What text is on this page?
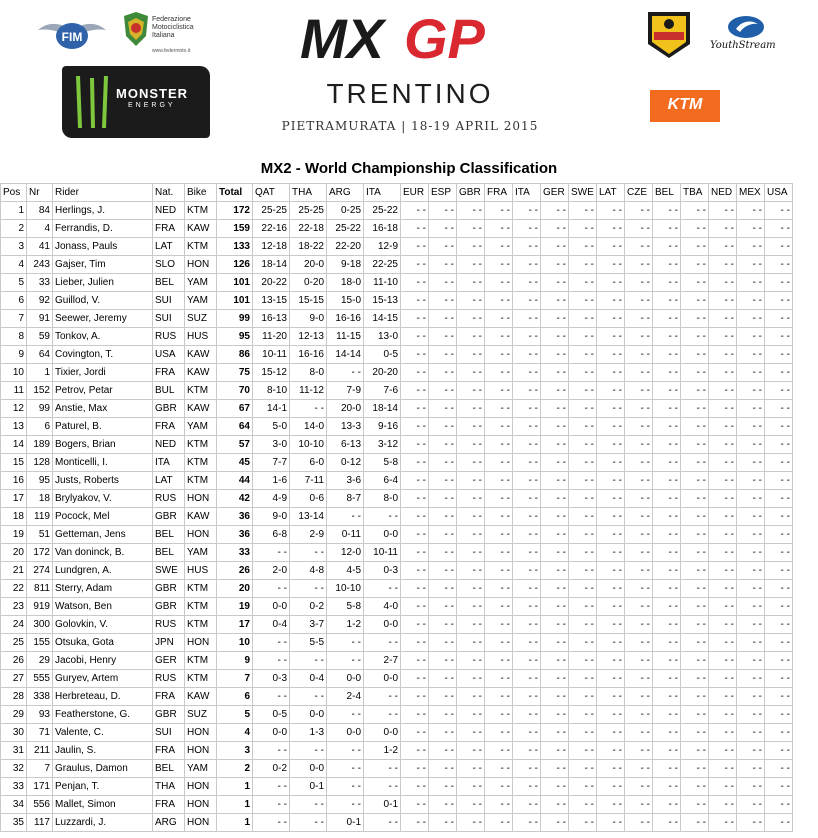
FIM
Federazione
Motociclistica
Italiana
www.federmoto.it
MONSTER
ENERGY
MX GP
TRENTINO
PIETRAMURATA | 18-19 APRIL 2015
YouthStream
KTM
MX2 - World Championship Classification
Pos	Nr	Rider	Nat.	Bike	Total	QAT	THA	ARG	ITA	EUR	ESP	GBR	FRA	ITA	GER	SWE	LAT	CZE	BEL	TBA	NED	MEX	USA
1	84	Herlings, J.	NED	KTM	172	25-25	25-25	0-25	25-22	- -	- -	- -	- -	- -	- -	- -	- -	- -	- -	- -	- -	- -	- -
2	4	Ferrandis, D.	FRA	KAW	159	22-16	22-18	25-22	16-18	- -	- -	- -	- -	- -	- -	- -	- -	- -	- -	- -	- -	- -	- -
3	41	Jonass, Pauls	LAT	KTM	133	12-18	18-22	22-20	12-9	- -	- -	- -	- -	- -	- -	- -	- -	- -	- -	- -	- -	- -	- -
4	243	Gajser, Tim	SLO	HON	126	18-14	20-0	9-18	22-25	- -	- -	- -	- -	- -	- -	- -	- -	- -	- -	- -	- -	- -	- -
5	33	Lieber, Julien	BEL	YAM	101	20-22	0-20	18-0	11-10	- -	- -	- -	- -	- -	- -	- -	- -	- -	- -	- -	- -	- -	- -
6	92	Guillod, V.	SUI	YAM	101	13-15	15-15	15-0	15-13	- -	- -	- -	- -	- -	- -	- -	- -	- -	- -	- -	- -	- -	- -
7	91	Seewer, Jeremy	SUI	SUZ	99	16-13	9-0	16-16	14-15	- -	- -	- -	- -	- -	- -	- -	- -	- -	- -	- -	- -	- -	- -
8	59	Tonkov, A.	RUS	HUS	95	11-20	12-13	11-15	13-0	- -	- -	- -	- -	- -	- -	- -	- -	- -	- -	- -	- -	- -	- -
9	64	Covington, T.	USA	KAW	86	10-11	16-16	14-14	0-5	- -	- -	- -	- -	- -	- -	- -	- -	- -	- -	- -	- -	- -	- -
10	1	Tixier, Jordi	FRA	KAW	75	15-12	8-0	- -	20-20	- -	- -	- -	- -	- -	- -	- -	- -	- -	- -	- -	- -	- -	- -
11	152	Petrov, Petar	BUL	KTM	70	8-10	11-12	7-9	7-6	- -	- -	- -	- -	- -	- -	- -	- -	- -	- -	- -	- -	- -	- -
12	99	Anstie, Max	GBR	KAW	67	14-1	- -	20-0	18-14	- -	- -	- -	- -	- -	- -	- -	- -	- -	- -	- -	- -	- -	- -
13	6	Paturel, B.	FRA	YAM	64	5-0	14-0	13-3	9-16	- -	- -	- -	- -	- -	- -	- -	- -	- -	- -	- -	- -	- -	- -
14	189	Bogers, Brian	NED	KTM	57	3-0	10-10	6-13	3-12	- -	- -	- -	- -	- -	- -	- -	- -	- -	- -	- -	- -	- -	- -
15	128	Monticelli, I.	ITA	KTM	45	7-7	6-0	0-12	5-8	- -	- -	- -	- -	- -	- -	- -	- -	- -	- -	- -	- -	- -	- -
16	95	Justs, Roberts	LAT	KTM	44	1-6	7-11	3-6	6-4	- -	- -	- -	- -	- -	- -	- -	- -	- -	- -	- -	- -	- -	- -
17	18	Brylyakov, V.	RUS	HON	42	4-9	0-6	8-7	8-0	- -	- -	- -	- -	- -	- -	- -	- -	- -	- -	- -	- -	- -	- -
18	119	Pocock, Mel	GBR	KAW	36	9-0	13-14	- -	- -	- -	- -	- -	- -	- -	- -	- -	- -	- -	- -	- -	- -	- -	- -
19	51	Getteman, Jens	BEL	HON	36	6-8	2-9	0-11	0-0	- -	- -	- -	- -	- -	- -	- -	- -	- -	- -	- -	- -	- -	- -
20	172	Van doninck, B.	BEL	YAM	33	- -	- -	12-0	10-11	- -	- -	- -	- -	- -	- -	- -	- -	- -	- -	- -	- -	- -	- -
21	274	Lundgren, A.	SWE	HUS	26	2-0	4-8	4-5	0-3	- -	- -	- -	- -	- -	- -	- -	- -	- -	- -	- -	- -	- -	- -
22	811	Sterry, Adam	GBR	KTM	20	- -	- -	10-10	- -	- -	- -	- -	- -	- -	- -	- -	- -	- -	- -	- -	- -	- -	- -
23	919	Watson, Ben	GBR	KTM	19	0-0	0-2	5-8	4-0	- -	- -	- -	- -	- -	- -	- -	- -	- -	- -	- -	- -	- -	- -
24	300	Golovkin, V.	RUS	KTM	17	0-4	3-7	1-2	0-0	- -	- -	- -	- -	- -	- -	- -	- -	- -	- -	- -	- -	- -	- -
25	155	Otsuka, Gota	JPN	HON	10	- -	5-5	- -	- -	- -	- -	- -	- -	- -	- -	- -	- -	- -	- -	- -	- -	- -	- -
26	29	Jacobi, Henry	GER	KTM	9	- -	- -	- -	2-7	- -	- -	- -	- -	- -	- -	- -	- -	- -	- -	- -	- -	- -	- -
27	555	Guryev, Artem	RUS	KTM	7	0-3	0-4	0-0	0-0	- -	- -	- -	- -	- -	- -	- -	- -	- -	- -	- -	- -	- -	- -
28	338	Herbreteau, D.	FRA	KAW	6	- -	- -	2-4	- -	- -	- -	- -	- -	- -	- -	- -	- -	- -	- -	- -	- -	- -	- -
29	93	Featherstone, G.	GBR	SUZ	5	0-5	0-0	- -	- -	- -	- -	- -	- -	- -	- -	- -	- -	- -	- -	- -	- -	- -	- -
30	71	Valente, C.	SUI	HON	4	0-0	1-3	0-0	0-0	- -	- -	- -	- -	- -	- -	- -	- -	- -	- -	- -	- -	- -	- -
31	211	Jaulin, S.	FRA	HON	3	- -	- -	- -	1-2	- -	- -	- -	- -	- -	- -	- -	- -	- -	- -	- -	- -	- -	- -
32	7	Graulus, Damon	BEL	YAM	2	0-2	0-0	- -	- -	- -	- -	- -	- -	- -	- -	- -	- -	- -	- -	- -	- -	- -	- -
33	171	Penjan, T.	THA	HON	1	- -	0-1	- -	- -	- -	- -	- -	- -	- -	- -	- -	- -	- -	- -	- -	- -	- -	- -
34	556	Mallet, Simon	FRA	HON	1	- -	- -	- -	0-1	- -	- -	- -	- -	- -	- -	- -	- -	- -	- -	- -	- -	- -	- -
35	117	Luzzardi, J.	ARG	HON	1	- -	- -	0-1	- -	- -	- -	- -	- -	- -	- -	- -	- -	- -	- -	- -	- -	- -	- -
